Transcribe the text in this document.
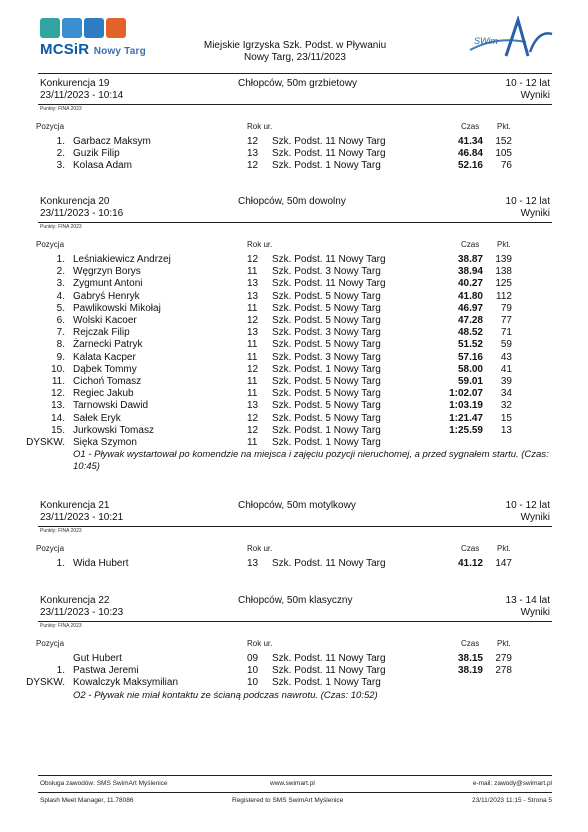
MCSiR Nowy Targ
Miejskie Igrzyska Szk. Podst. w Pływaniu
Nowy Targ, 23/11/2023
SWim
Konkurencja 19
23/11/2023 - 10:14
Chłopców, 50m grzbietowy	10 - 12 lat
Wyniki
Punkty: FINA 2023
Pozycja	Rok ur.	Czas Pkt.
1. Garbacz Maksym	12 Szk. Podst. 11 Nowy Targ	41.34 152
2. Guzik Filip	13 Szk. Podst. 11 Nowy Targ	46.84 105
3. Kolasa Adam	12 Szk. Podst. 1 Nowy Targ	52.16 76
Konkurencja 20
23/11/2023 - 10:16
Chłopców, 50m dowolny	10 - 12 lat
Wyniki
Punkty: FINA 2023
Pozycja	Rok ur.	Czas Pkt.
1. Leśniakiewicz Andrzej	12 Szk. Podst. 11 Nowy Targ	38.87 139
2. Węgrzyn Borys	11 Szk. Podst. 3 Nowy Targ	38.94 138
3. Zygmunt Antoni	13 Szk. Podst. 11 Nowy Targ	40.27 125
4. Gabryś Henryk	13 Szk. Podst. 5 Nowy Targ	41.80 112
5. Pawlikowski Mikołaj	11 Szk. Podst. 5 Nowy Targ	46.97 79
6. Wolski Kacoer	12 Szk. Podst. 5 Nowy Targ	47.28 77
7. Rejczak Filip	13 Szk. Podst. 3 Nowy Targ	48.52 71
8. Żarnecki Patryk	11 Szk. Podst. 5 Nowy Targ	51.52 59
9. Kalata Kacper	11 Szk. Podst. 3 Nowy Targ	57.16 43
10. Dąbek Tommy	12 Szk. Podst. 1 Nowy Targ	58.00 41
11. Cichoń Tomasz	11 Szk. Podst. 5 Nowy Targ	59.01 39
12. Regiec Jakub	11 Szk. Podst. 5 Nowy Targ	1:02.07 34
13. Tarnowski Dawid	13 Szk. Podst. 5 Nowy Targ	1:03.19 32
14. Sałek Eryk	12 Szk. Podst. 5 Nowy Targ	1:21.47 15
15. Jurkowski Tomasz	12 Szk. Podst. 1 Nowy Targ	1:25.59 13
DYSKW. Sięka Szymon	11 Szk. Podst. 1 Nowy Targ
O1 - Pływak wystartował po komendzie na miejsca i zajęciu pozycji nieruchomej, a przed sygnałem startu. (Czas: 10:45)
Konkurencja 21
23/11/2023 - 10:21
Chłopców, 50m motylkowy	10 - 12 lat
Wyniki
Punkty: FINA 2023
Pozycja	Rok ur.	Czas Pkt.
1. Wida Hubert	13 Szk. Podst. 11 Nowy Targ	41.12 147
Konkurencja 22
23/11/2023 - 10:23
Chłopców, 50m klasyczny	13 - 14 lat
Wyniki
Punkty: FINA 2023
Pozycja	Rok ur.	Czas Pkt.
Gut Hubert	09 Szk. Podst. 11 Nowy Targ	38.15 279
1. Pastwa Jeremi	10 Szk. Podst. 11 Nowy Targ	38.19 278
DYSKW. Kowalczyk Maksymilian	10 Szk. Podst. 1 Nowy Targ
O2 - Pływak nie miał kontaktu ze ścianą podczas nawrotu. (Czas: 10:52)
Obsługa zawodów: SMS SwimArt Myślenice	www.swimart.pl	e-mail: zawody@swimart.pl
Splash Meet Manager, 11.78086	Registered to SMS SwimArt Myślenice	23/11/2023 11:15 - Strona 5
